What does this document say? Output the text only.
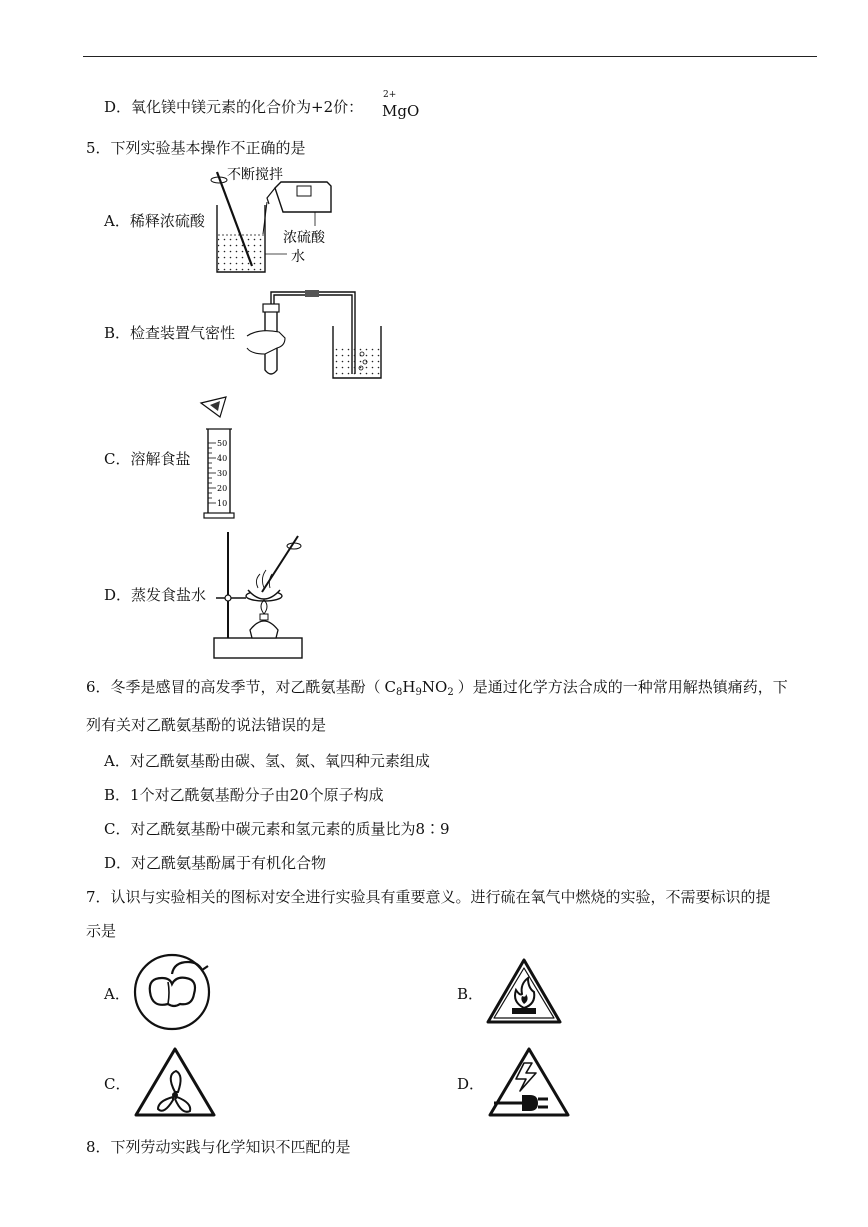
D．氧化镁中镁元素的化合价为+2价： MgO
2+
5．下列实验基本操作不正确的是
A．稀释浓硫酸
不断搅拌
浓硫酸
水
B．检查装置气密性
C．溶解食盐
50
40
30
20
10
D．蒸发食盐水
6．冬季是感冒的高发季节，对乙酰氨基酚（ $C_8H_9NO_2$ ）是通过化学方法合成的一种常用解热镇痛药，下
列有关对乙酰氨基酚的说法错误的是
A．对乙酰氨基酚由碳、氢、氮、氧四种元素组成
B．1个对乙酰氨基酚分子由20个原子构成
C．对乙酰氨基酚中碳元素和氢元素的质量比为8∶9
D．对乙酰氨基酚属于有机化合物
7．认识与实验相关的图标对安全进行实验具有重要意义。进行硫在氧气中燃烧的实验，不需要标识的提
示是
A．	B．
C．	D．
8．下列劳动实践与化学知识不匹配的是
